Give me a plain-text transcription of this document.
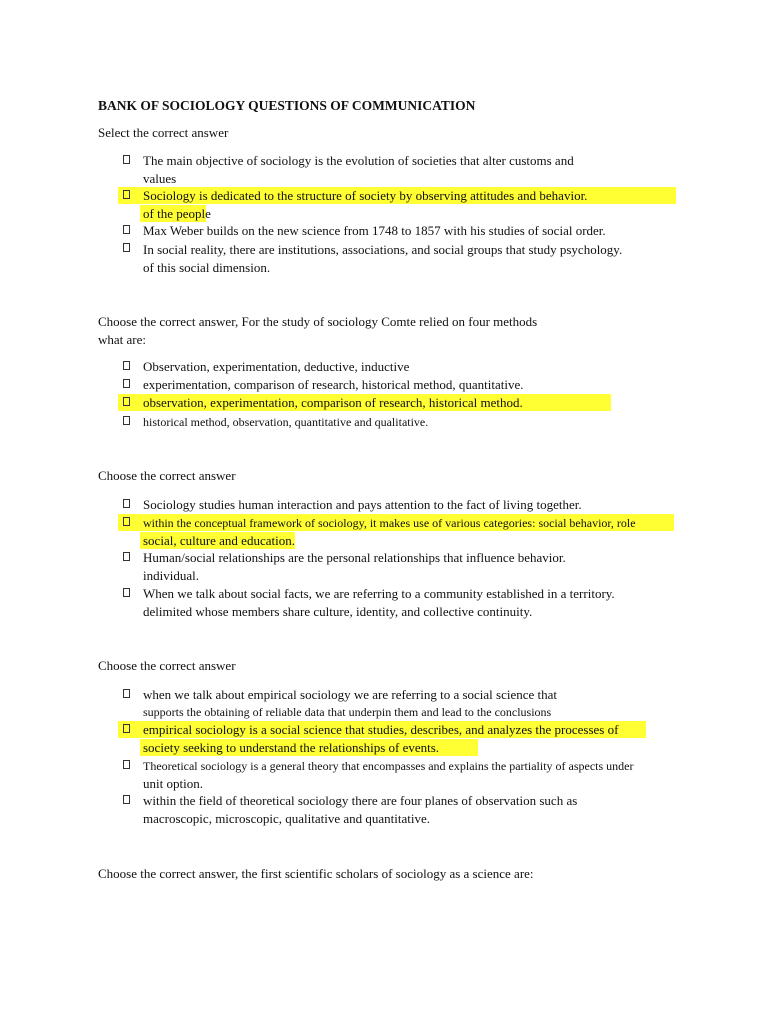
BANK OF SOCIOLOGY QUESTIONS OF COMMUNICATION
Select the correct answer
The main objective of sociology is the evolution of societies that alter customs and
values
Sociology is dedicated to the structure of society by observing attitudes and behavior.
of the people
Max Weber builds on the new science from 1748 to 1857 with his studies of social order.
In social reality, there are institutions, associations, and social groups that study psychology.
of this social dimension.
Choose the correct answer, For the study of sociology Comte relied on four methods
what are:
Observation, experimentation, deductive, inductive
experimentation, comparison of research, historical method, quantitative.
observation, experimentation, comparison of research, historical method.
historical method, observation, quantitative and qualitative.
Choose the correct answer
Sociology studies human interaction and pays attention to the fact of living together.
within the conceptual framework of sociology, it makes use of various categories: social behavior, role
social, culture and education.
Human/social relationships are the personal relationships that influence behavior.
individual.
When we talk about social facts, we are referring to a community established in a territory.
delimited whose members share culture, identity, and collective continuity.
Choose the correct answer
when we talk about empirical sociology we are referring to a social science that
supports the obtaining of reliable data that underpin them and lead to the conclusions
empirical sociology is a social science that studies, describes, and analyzes the processes of
society seeking to understand the relationships of events.
Theoretical sociology is a general theory that encompasses and explains the partiality of aspects under
unit option.
within the field of theoretical sociology there are four planes of observation such as
macroscopic, microscopic, qualitative and quantitative.
Choose the correct answer, the first scientific scholars of sociology as a science are:
